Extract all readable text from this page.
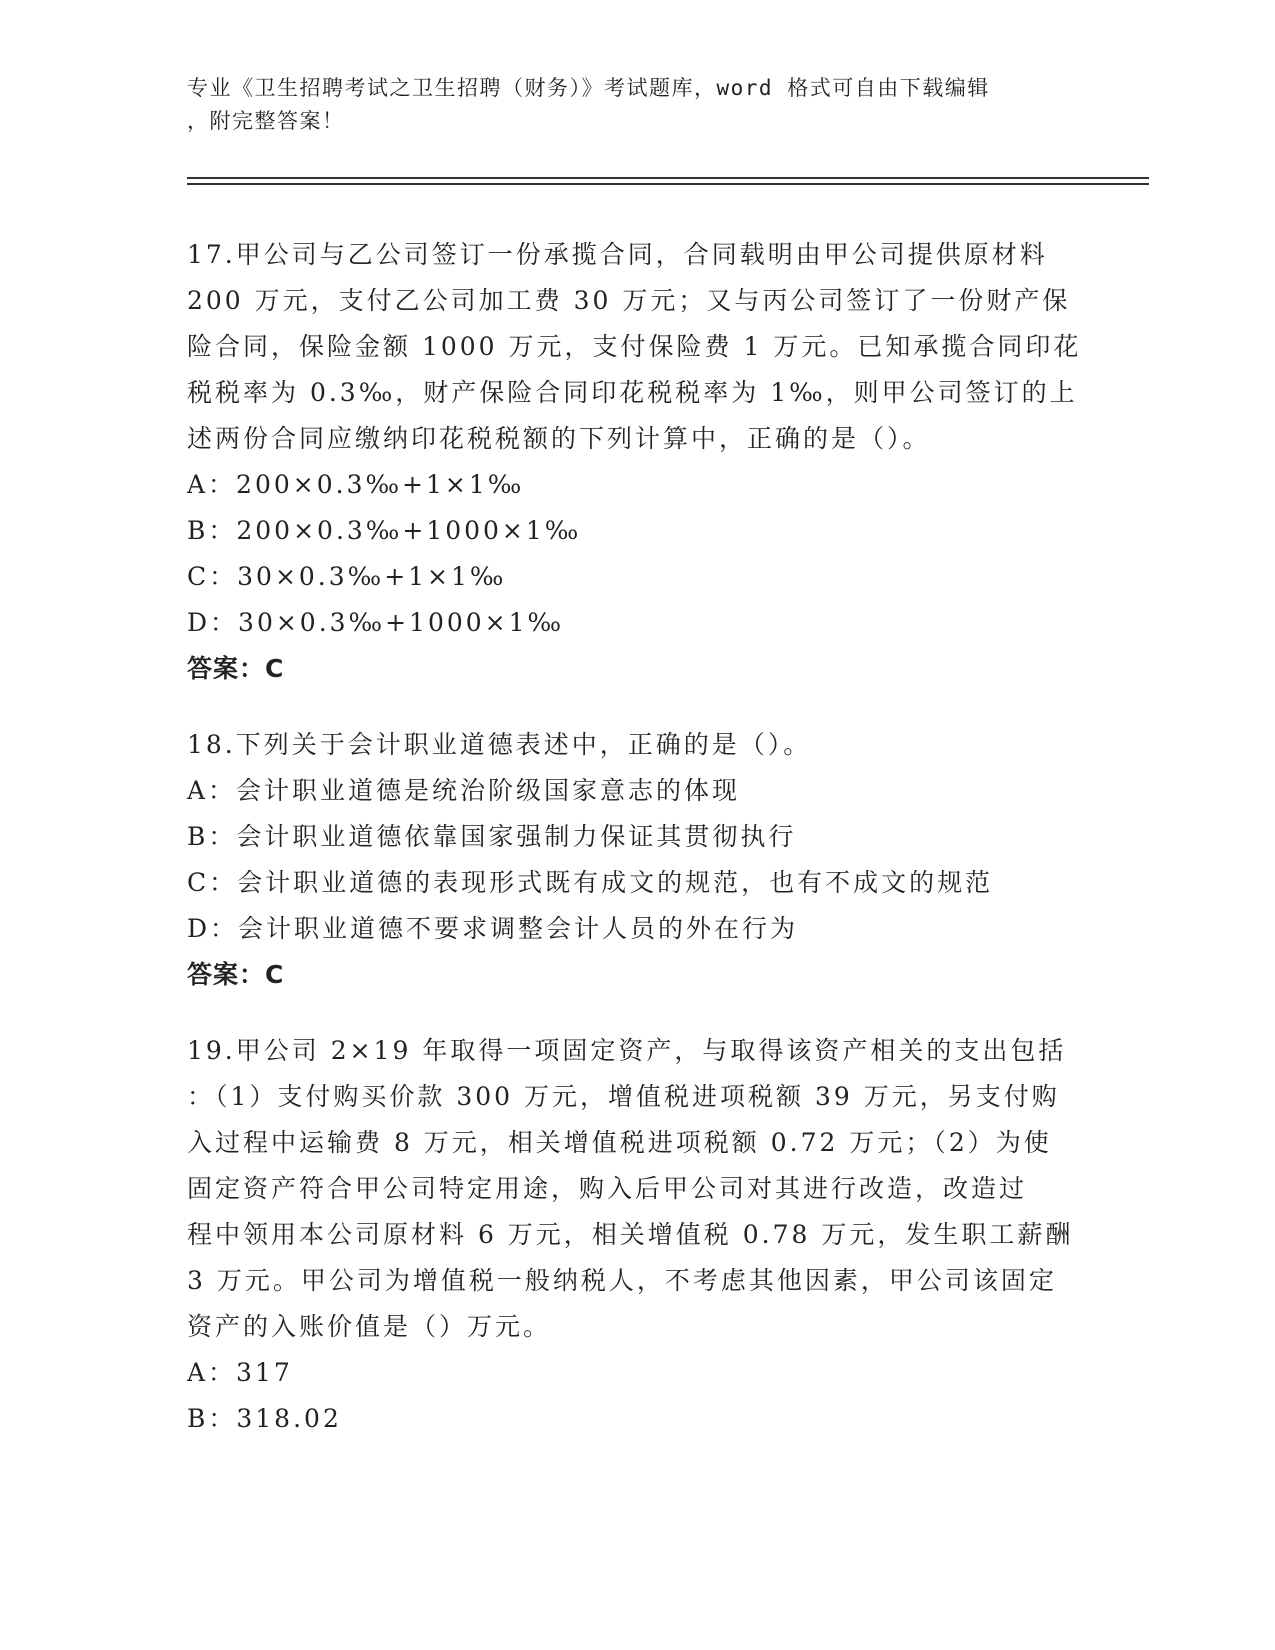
专业《卫生招聘考试之卫生招聘（财务）》考试题库，word 格式可自由下载编辑
，附完整答案！
17.甲公司与乙公司签订一份承揽合同，合同载明由甲公司提供原材料
200 万元，支付乙公司加工费 30 万元；又与丙公司签订了一份财产保
险合同，保险金额 1000 万元，支付保险费 1 万元。已知承揽合同印花
税税率为 0.3‰，财产保险合同印花税税率为 1‰，则甲公司签订的上
述两份合同应缴纳印花税税额的下列计算中，正确的是（）。
A：200×0.3‰+1×1‰
B：200×0.3‰+1000×1‰
C：30×0.3‰+1×1‰
D：30×0.3‰+1000×1‰
答案：C
18.下列关于会计职业道德表述中，正确的是（）。
A：会计职业道德是统治阶级国家意志的体现
B：会计职业道德依靠国家强制力保证其贯彻执行
C：会计职业道德的表现形式既有成文的规范，也有不成文的规范
D：会计职业道德不要求调整会计人员的外在行为
答案：C
19.甲公司 2×19 年取得一项固定资产，与取得该资产相关的支出包括
：（1）支付购买价款 300 万元，增值税进项税额 39 万元，另支付购
入过程中运输费 8 万元，相关增值税进项税额 0.72 万元；（2）为使
固定资产符合甲公司特定用途，购入后甲公司对其进行改造，改造过
程中领用本公司原材料 6 万元，相关增值税 0.78 万元，发生职工薪酬
3 万元。甲公司为增值税一般纳税人，不考虑其他因素，甲公司该固定
资产的入账价值是（）万元。
A：317
B：318.02
